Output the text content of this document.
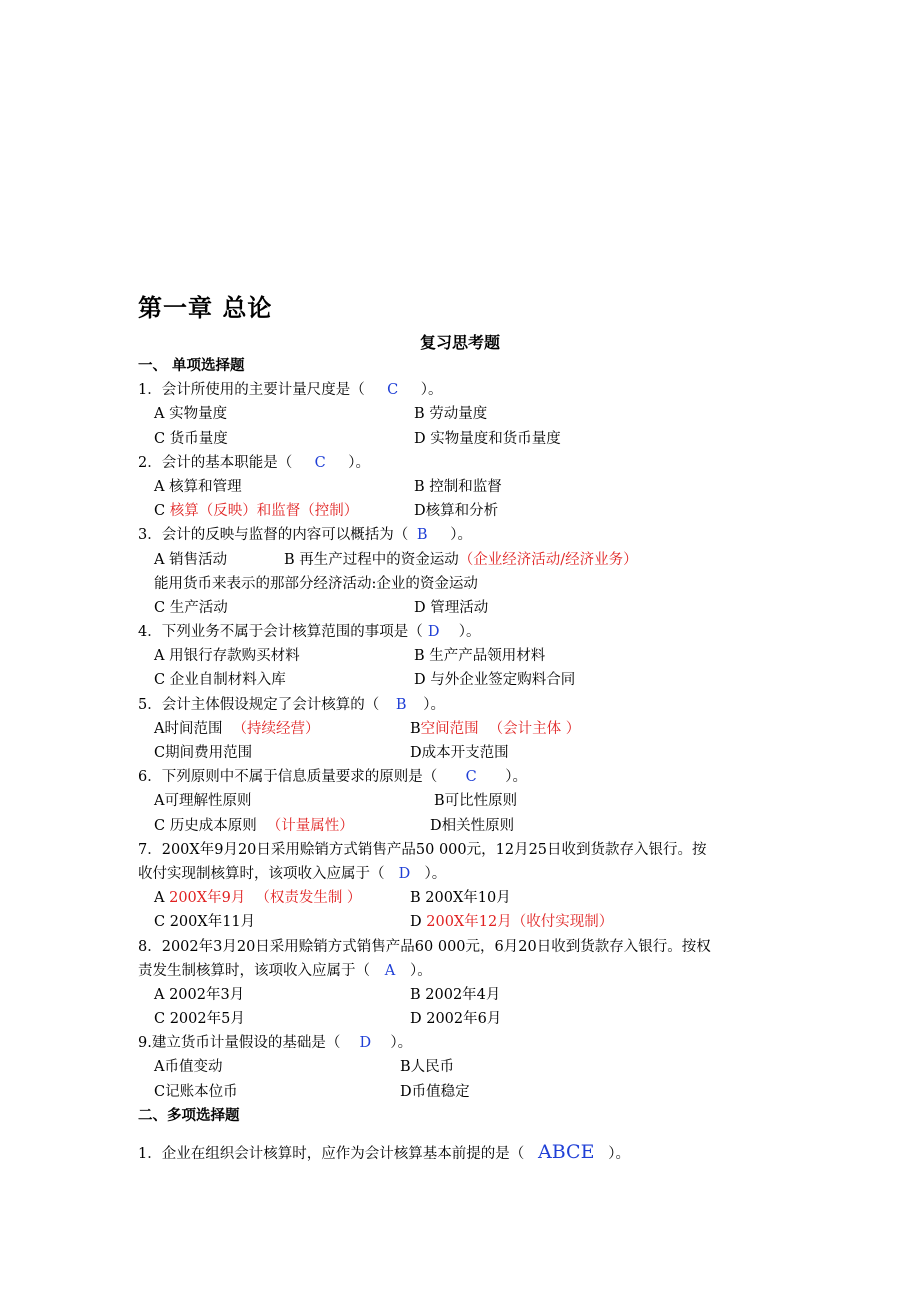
第一章 总论
复习思考题
一、 单项选择题
1．会计所使用的主要计量尺度是（ C ）。
A 实物量度	B 劳动量度
C 货币量度	D 实物量度和货币量度
2．会计的基本职能是（ C ）。
A 核算和管理	B 控制和监督
C 核算（反映）和监督（控制）	D核算和分析
3．会计的反映与监督的内容可以概括为（ B ）。
A 销售活动	B 再生产过程中的资金运动（企业经济活动/经济业务）
能用货币来表示的那部分经济活动:企业的资金运动
C 生产活动	D 管理活动
4．下列业务不属于会计核算范围的事项是（ D ）。
A 用银行存款购买材料	B 生产产品领用材料
C 企业自制材料入库	D 与外企业签定购料合同
5．会计主体假设规定了会计核算的（ B ）。
A时间范围 （持续经营）	B空间范围 （会计主体 ）
C期间费用范围	D成本开支范围
6．下列原则中不属于信息质量要求的原则是（ C ）。
A可理解性原则	B可比性原则
C 历史成本原则 （计量属性）	D相关性原则
7．200X年9月20日采用赊销方式销售产品50 000元，12月25日收到货款存入银行。按
收付实现制核算时，该项收入应属于（ D ）。
A 200X年9月 （权责发生制 ）	B 200X年10月
C 200X年11月	D 200X年12月（收付实现制）
8．2002年3月20日采用赊销方式销售产品60 000元，6月20日收到货款存入银行。按权
责发生制核算时，该项收入应属于（ A ）。
A 2002年3月	B 2002年4月
C 2002年5月	D 2002年6月
9.建立货币计量假设的基础是（ D ）。
A币值变动	B人民币
C记账本位币	D币值稳定
二、多项选择题
1．企业在组织会计核算时，应作为会计核算基本前提的是（ ABCE ）。
